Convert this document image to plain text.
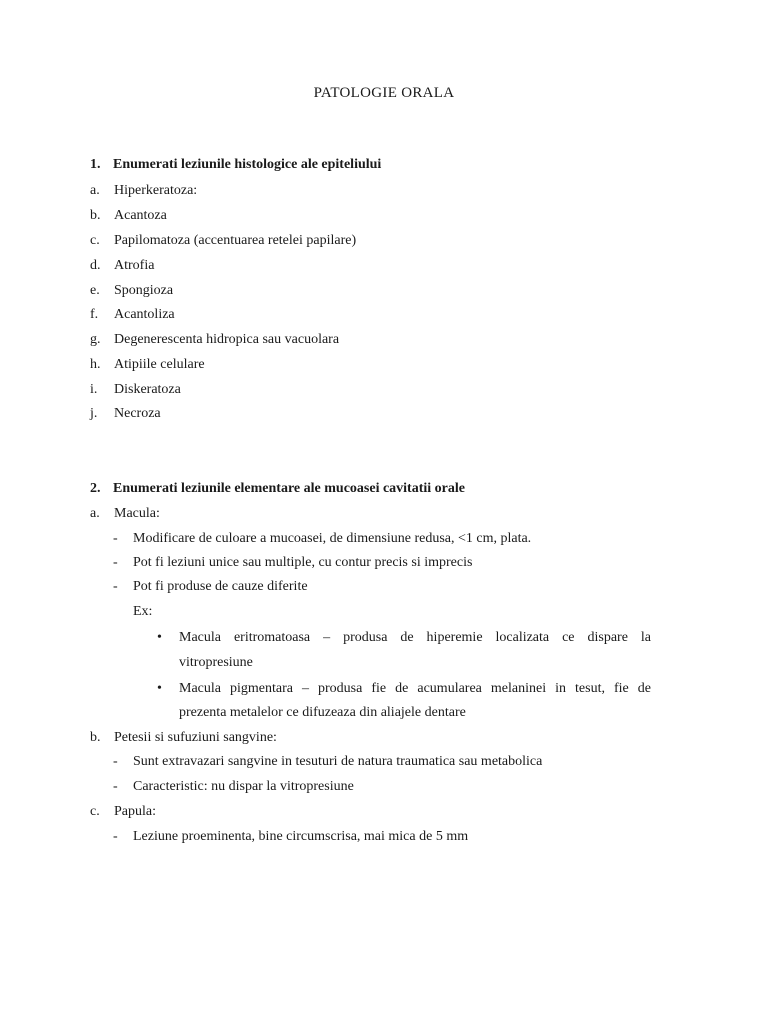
PATOLOGIE ORALA
1. Enumerati leziunile histologice ale epiteliului
a. Hiperkeratoza:
b. Acantoza
c. Papilomatoza (accentuarea retelei papilare)
d. Atrofia
e. Spongioza
f. Acantoliza
g. Degenerescenta hidropica sau vacuolara
h. Atipiile celulare
i. Diskeratoza
j. Necroza
2. Enumerati leziunile elementare ale mucoasei cavitatii orale
a. Macula:
- Modificare de culoare a mucoasei, de dimensiune redusa, <1 cm, plata.
- Pot fi leziuni unice sau multiple, cu contur precis si imprecis
- Pot fi produse de cauze diferite
Ex:
• Macula eritromatoasa – produsa de hiperemie localizata ce dispare la
vitropresiune
• Macula pigmentara – produsa fie de acumularea melaninei in tesut, fie de
prezenta metalelor ce difuzeaza din aliajele dentare
b. Petesii si sufuziuni sangvine:
- Sunt extravazari sangvine in tesuturi de natura traumatica sau metabolica
- Caracteristic: nu dispar la vitropresiune
c. Papula:
- Leziune proeminenta, bine circumscrisa, mai mica de 5 mm
